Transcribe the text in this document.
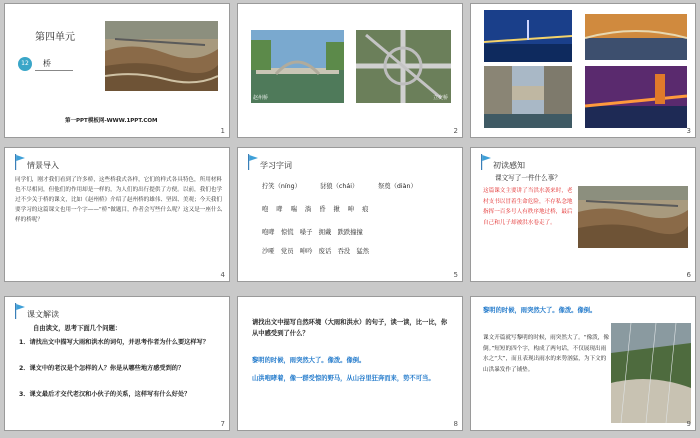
第四单元
12	桥
第一PPT模板网-WWW.1PPT.COM
1
赵州桥	立交桥
2	3
情景导入
同学们，刚才我们看到了许多桥，这些桥我式各样，它们的样式各具特色，所用材料也不尽相同，但他们的作用却是一样的，为人们的出行提供了方便。以前，我们也学过不少关于桥的课文，比如《赵州桥》介绍了赵州桥的雄伟、坚固、美观；今天我们要学习的这篇课文也用一个字——“桥”做题目，作者会写些什么呢？这又是一座什么样的桥呢？
4
学习字词
拧笑（níng）	豺狼（chái）	祭奠（diàn）
咆 哮 喘 淌 昏 揪 呻 痕
咆哮　惊慌　嗓子　拥戴　跌跌撞撞
沙哑　党员　呻吟　废话　吞没　猛然
5
初读感知
课文写了一件什么事？
这篇课文主要讲了当洪水袭来时，老村支书以冒着生命危险，不存私念地指挥一百多号人有秩序地过桥，最后自己和儿子却被洪水卷走了。
6
课文解读
自由读文，思考下面几个问题：
1．请找出文中描写大雨和洪水的词句，并思考作者为什么要这样写？
2．课文中的老汉是个怎样的人？你是从哪些地方感受到的？
3．课文最后才交代老汉和小伙子的关系，这样写有什么好处？
7
请找出文中描写自然环境（大雨和洪水）的句子，读一读，比一比，你从中感受到了什么？
黎明的时候，雨突然大了。像泼。像倒。
山洪咆哮着，像一群受惊的野马，从山谷里狂奔而来，势不可当。
8
黎明的时候，雨突然大了。像泼。像倒。
课文开篇就写黎明的时候，雨突然大了。“像泼，像倒。”短短的四个字，构成了两句话，不仅展现出雨水之“大”，而且表现出雨水的来势汹猛，为下文的山洪暴发作了铺垫。
9
